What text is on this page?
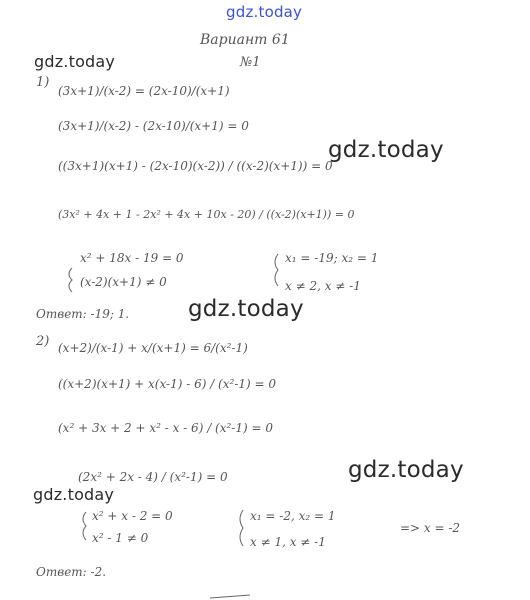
Вариант 61
№1
1)
(3x+1)/(x-2) = (2x-10)/(x+1)
(3x+1)/(x-2) - (2x-10)/(x+1) = 0
((3x+1)(x+1) - (2x-10)(x-2)) / ((x-2)(x+1)) = 0
(3x² + 4x + 1 - 2x² + 4x + 10x - 20) / ((x-2)(x+1)) = 0
x² + 18x - 19 = 0
(x-2)(x+1) ≠ 0
x₁ = -19; x₂ = 1
x ≠ 2, x ≠ -1
Ответ: -19; 1.
2) (x+2)/(x-1) + x/(x+1) = 6/(x²-1)
((x+2)(x+1) + x(x-1) - 6) / (x²-1) = 0
(x² + 3x + 2 + x² - x - 6) / (x²-1) = 0
(2x² + 2x - 4) / (x²-1) = 0
x² + x - 2 = 0
x² - 1 ≠ 0
x₁ = -2, x₂ = 1
x ≠ 1, x ≠ -1
=> x = -2
Ответ: -2.
gdz.today
gdz.today
gdz.today
gdz.today
gdz.today
gdz.today
